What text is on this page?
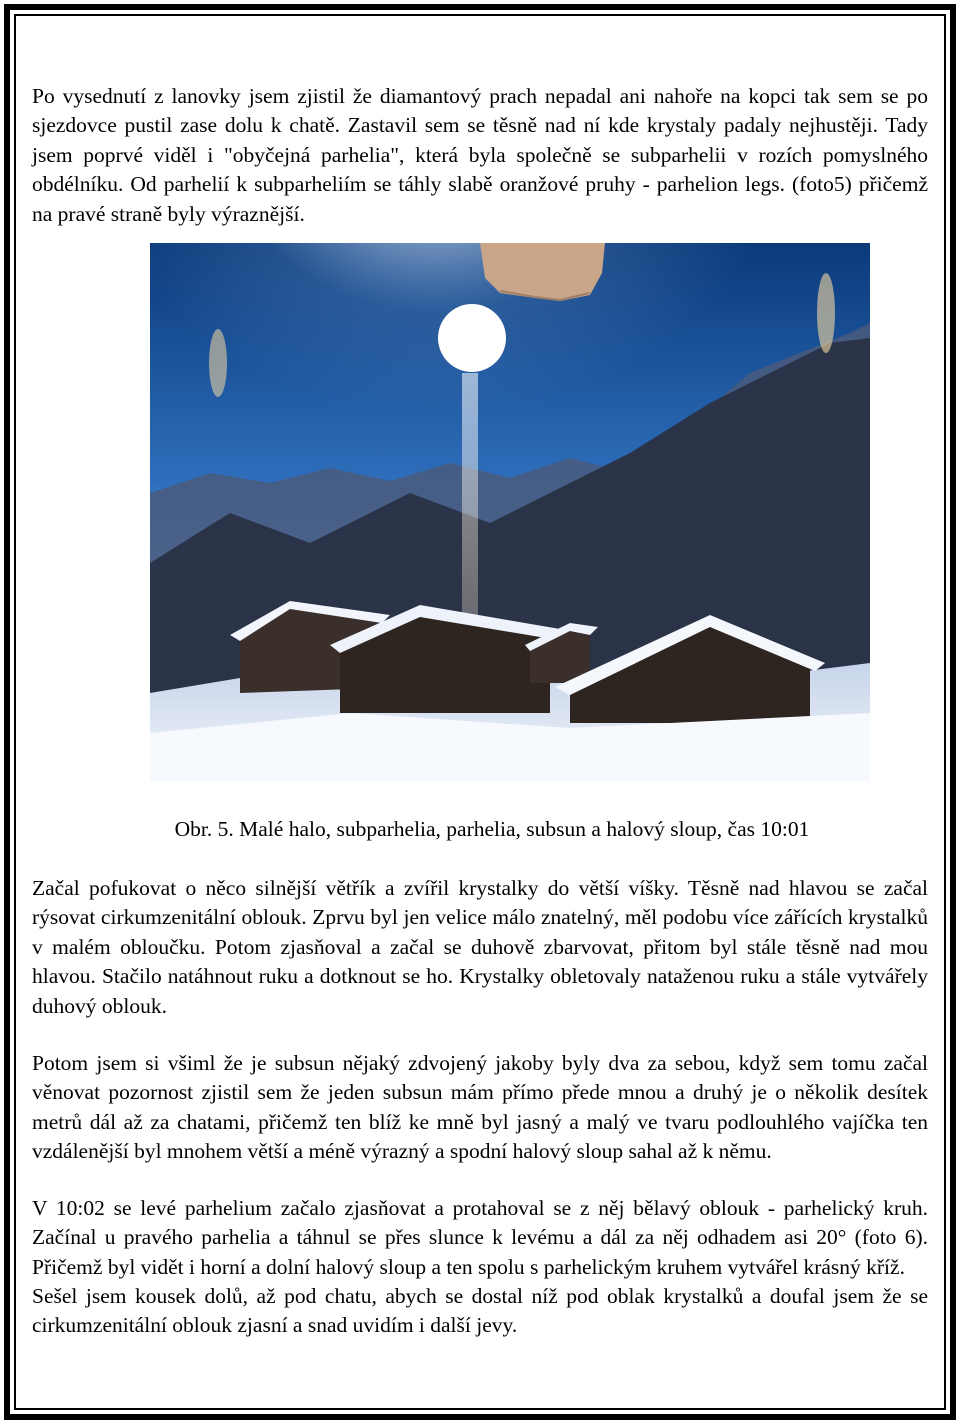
Po vysednutí z lanovky jsem zjistil že diamantový prach nepadal ani nahoře na kopci tak sem se po sjezdovce pustil zase dolu k chatě. Zastavil sem se těsně nad ní kde krystaly padaly nejhustěji. Tady jsem poprvé viděl i "obyčejná parhelia", která byla společně se subparhelii v rozích pomyslného obdélníku. Od parhelií k subparheliím se táhly slabě oranžové pruhy - parhelion legs. (foto5) přičemž na pravé straně byly výraznější.

Obr. 5. Malé halo, subparhelia, parhelia, subsun a halový sloup, čas 10:01

Začal pofukovat o něco silnější větřík a zvířil krystalky do větší víšky. Těsně nad hlavou se začal rýsovat cirkumzenitální oblouk. Zprvu byl jen velice málo znatelný, měl podobu více zářících krystalků v malém obloučku. Potom zjasňoval a začal se duhově zbarvovat, přitom byl stále těsně nad mou hlavou. Stačilo natáhnout ruku a dotknout se ho. Krystalky obletovaly nataženou ruku a stále vytvářely duhový oblouk.

Potom jsem si všiml že je subsun nějaký zdvojený jakoby byly dva za sebou, když sem tomu začal věnovat pozornost zjistil sem že jeden subsun mám přímo přede mnou a druhý je o několik desítek metrů dál až za chatami, přičemž ten blíž ke mně byl jasný a malý ve tvaru podlouhlého vajíčka ten vzdálenější byl mnohem větší a méně výrazný a spodní halový sloup sahal až k němu.

V 10:02 se levé parhelium začalo zjasňovat a protahoval se z něj bělavý oblouk - parhelický kruh. Začínal u pravého parhelia a táhnul se přes slunce k levému a dál za něj odhadem asi 20° (foto 6). Přičemž byl vidět i horní a dolní halový sloup a ten spolu s parhelickým kruhem vytvářel krásný kříž.

Sešel jsem kousek dolů, až pod chatu, abych se dostal níž pod oblak krystalků a doufal jsem že se cirkumzenitální oblouk zjasní a snad uvidím i další jevy.
